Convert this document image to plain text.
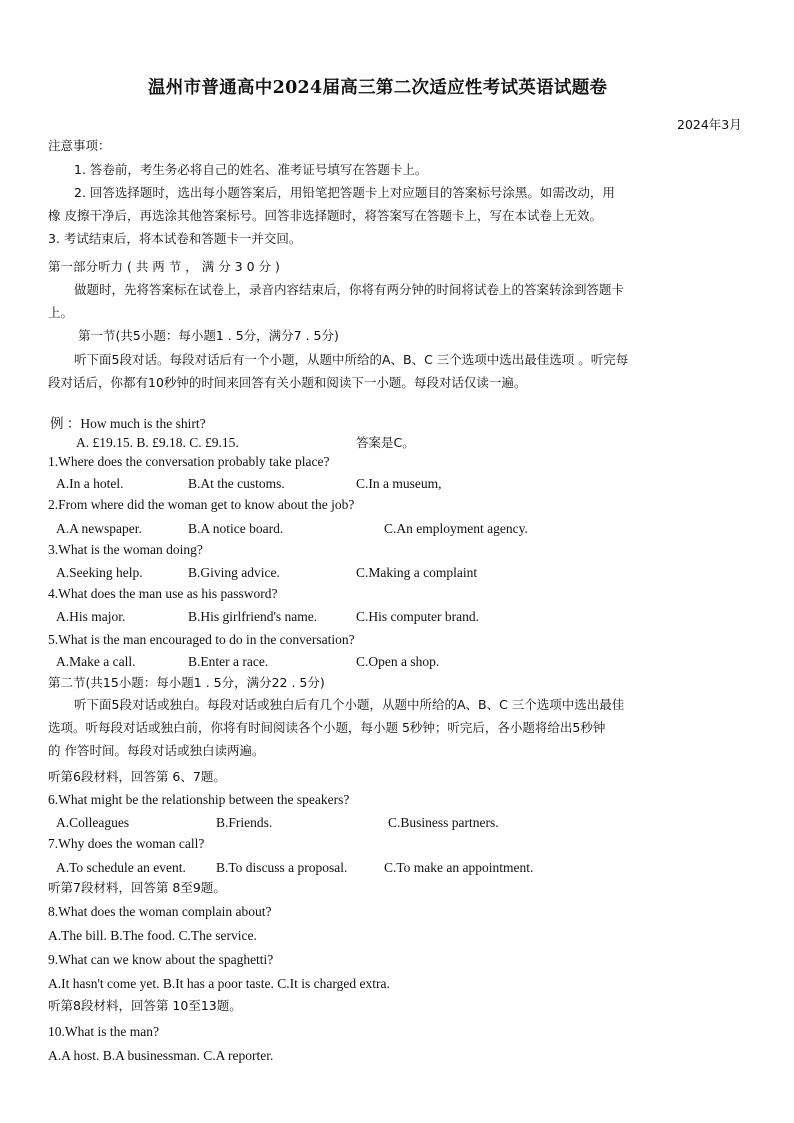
温州市普通高中2024届高三第二次适应性考试英语试题卷
2024年3月
注意事项：
1. 答卷前，考生务必将自己的姓名、准考证号填写在答题卡上。
2. 回答选择题时，选出每小题答案后，用铅笔把答题卡上对应题目的答案标号涂黑。如需改动，用
橡 皮擦干净后，再选涂其他答案标号。回答非选择题时，将答案写在答题卡上，写在本试卷上无效。
3. 考试结束后，将本试卷和答题卡一并交回。
第一部分听力 ( 共 两 节 ， 满 分 3 0 分 )
做题时，先将答案标在试卷上，录音内容结束后，你将有两分钟的时间将试卷上的答案转涂到答题卡
上。
第一节(共5小题：每小题1 . 5分，满分7 . 5分)
听下面5段对话。每段对话后有一个小题，从题中所给的A、B、C 三个选项中选出最佳选项 。听完每
段对话后，你都有10秒钟的时间来回答有关小题和阅读下一小题。每段对话仅读一遍。
例 ：How much is the shirt?
A. £19.15. B. £9.18. C. £9.15.	答案是C。
1.Where does the conversation probably take place?
A.In a hotel.	B.At the customs.	C.In a museum,
2.From where did the woman get to know about the job?
A.A newspaper.	B.A notice board.	C.An employment agency.
3.What is the woman doing?
A.Seeking help.	B.Giving advice.	C.Making a complaint
4.What does the man use as his password?
A.His major.	B.His girlfriend's name.	C.His computer brand.
5.What is the man encouraged to do in the conversation?
A.Make a call.	B.Enter a race.	C.Open a shop.
第二节(共15小题：每小题1 . 5分，满分22 . 5分)
听下面5段对话或独白。每段对话或独白后有几个小题，从题中所给的A、B、C 三个选项中选出最佳
选项。听每段对话或独白前，你将有时间阅读各个小题，每小题 5秒钟；听完后，各小题将给出5秒钟
的 作答时间。每段对话或独白读两遍。
听第6段材料，回答第 6、7题。
6.What might be the relationship between the speakers?
A.Colleagues	B.Friends.	C.Business partners.
7.Why does the woman call?
A.To schedule an event. B.To discuss a proposal.	C.To make an appointment.
听第7段材料，回答第 8至9题。
8.What does the woman complain about?
A.The bill. B.The food. C.The service.
9.What can we know about the spaghetti?
A.It hasn't come yet. B.It has a poor taste. C.It is charged extra.
听第8段材料，回答第 10至13题。
10.What is the man?
A.A host. B.A businessman. C.A reporter.
